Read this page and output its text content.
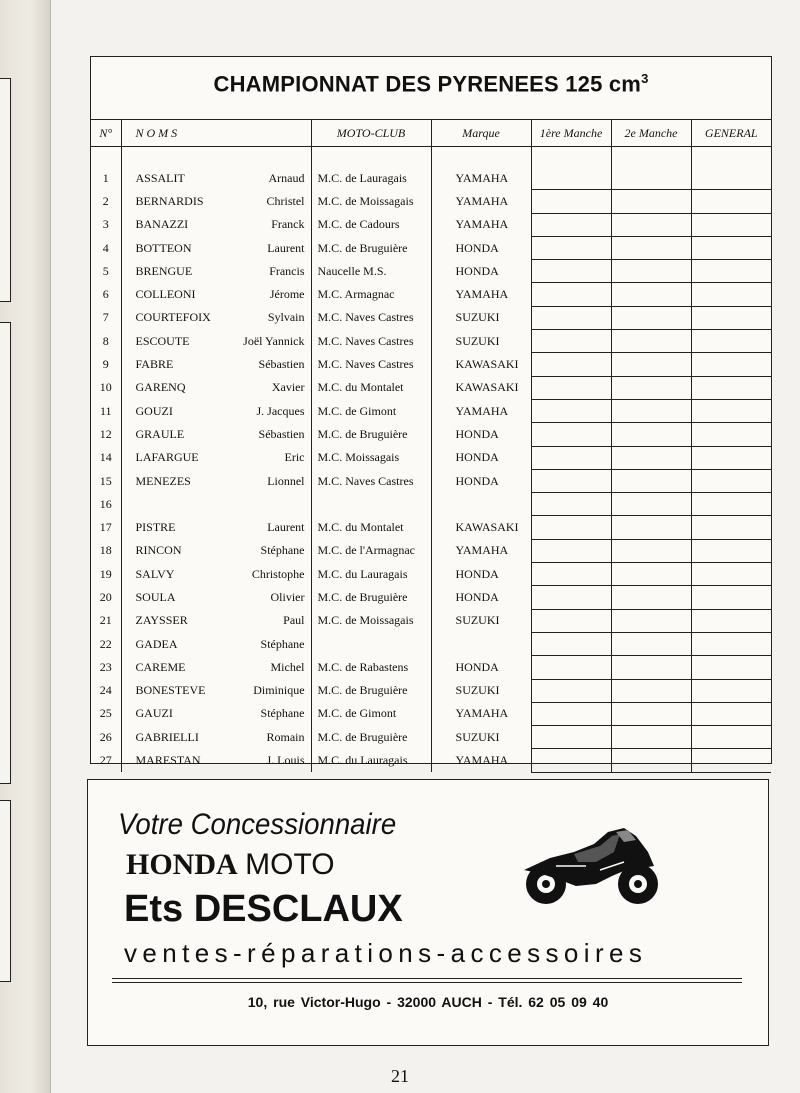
CHAMPIONNAT DES PYRENEES 125 $cm^3$
N°	N O M S		MOTO-CLUB	Marque	1ère Manche	2e Manche	GENERAL

1	ASSALIT	Arnaud	M.C. de Lauragais	YAMAHA			
2	BERNARDIS	Christel	M.C. de Moissagais	YAMAHA			
3	BANAZZI	Franck	M.C. de Cadours	YAMAHA			
4	BOTTEON	Laurent	M.C. de Bruguière	HONDA			
5	BRENGUE	Francis	Naucelle M.S.	HONDA			
6	COLLEONI	Jérome	M.C. Armagnac	YAMAHA			
7	COURTEFOIX	Sylvain	M.C. Naves Castres	SUZUKI			
8	ESCOUTE	Joël Yannick	M.C. Naves Castres	SUZUKI			
9	FABRE	Sébastien	M.C. Naves Castres	KAWASAKI			
10	GARENQ	Xavier	M.C. du Montalet	KAWASAKI			
11	GOUZI	J. Jacques	M.C. de Gimont	YAMAHA			
12	GRAULE	Sébastien	M.C. de Bruguière	HONDA			
14	LAFARGUE	Eric	M.C. Moissagais	HONDA			
15	MENEZES	Lionnel	M.C. Naves Castres	HONDA			
16							
17	PISTRE	Laurent	M.C. du Montalet	KAWASAKI			
18	RINCON	Stéphane	M.C. de l'Armagnac	YAMAHA			
19	SALVY	Christophe	M.C. du Lauragais	HONDA			
20	SOULA	Olivier	M.C. de Bruguière	HONDA			
21	ZAYSSER	Paul	M.C. de Moissagais	SUZUKI			
22	GADEA	Stéphane					
23	CAREME	Michel	M.C. de Rabastens	HONDA			
24	BONESTEVE	Diminique	M.C. de Bruguière	SUZUKI			
25	GAUZI	Stéphane	M.C. de Gimont	YAMAHA			
26	GABRIELLI	Romain	M.C. de Bruguière	SUZUKI			
27	MARESTAN	J. Louis	M.C. du Lauragais	YAMAHA			
Votre Concessionnaire
HONDA MOTO
Ets DESCLAUX
ventes-réparations-accessoires
10, rue Victor-Hugo - 32000 AUCH - Tél. 62 05 09 40
21
